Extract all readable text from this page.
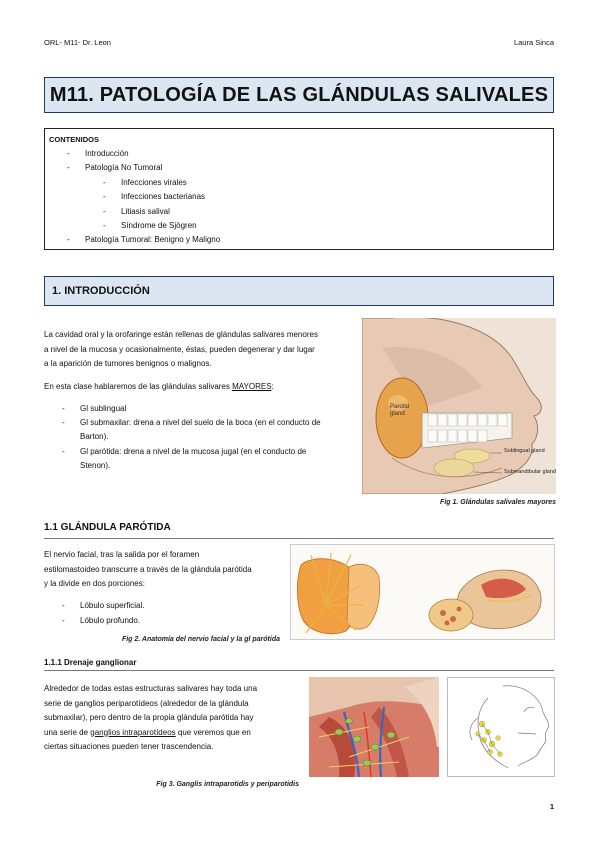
ORL- M11- Dr. Leon	Laura Sinca
M11. PATOLOGÍA DE LAS GLÁNDULAS SALIVALES
CONTENIDOS
- Introducción
- Patología No Tumoral
- Infecciones virales
- Infecciones bacterianas
- Litiasis salival
- Síndrome de Sjögren
- Patología Tumoral: Benigno y Maligno
1. INTRODUCCIÓN
La cavidad oral y la orofaringe están rellenas de glándulas salivares menores
a nivel de la mucosa y ocasionalmente, éstas, pueden degenerar y dar lugar
a la aparición de tumores benignos o malignos.
En esta clase hablaremos de las glándulas salivares MAYORES:
- Gl sublingual
- Gl submaxilar: drena a nivel del suelo de la boca (en el conducto de
Barton).
- Gl parótida: drena a nivel de la mucosa jugal (en el conducto de
Stenon).
Parotid gland
Sublingual gland
Submandibular gland
Fig 1. Glándulas salivales mayores
1.1 GLÁNDULA PARÓTIDA
El nervio facial, tras la salida por el foramen
estilomastoideo transcurre a través de la glándula parótida
y la divide en dos porciones:
- Lóbulo superficial.
- Lóbulo profundo.
Fig 2. Anatomía del nervio facial y la gl parótida
1.1.1 Drenaje ganglionar
Alrededor de todas estas estructuras salivares hay toda una
serie de ganglios periparotídeos (alrededor de la glándula
submaxilar), pero dentro de la propia glándula parótida hay
una serie de ganglios intraparotídeos que veremos que en
ciertas situaciones pueden tener trascendencia.
Fig 3. Ganglis intraparotidis y periparotidis
1
